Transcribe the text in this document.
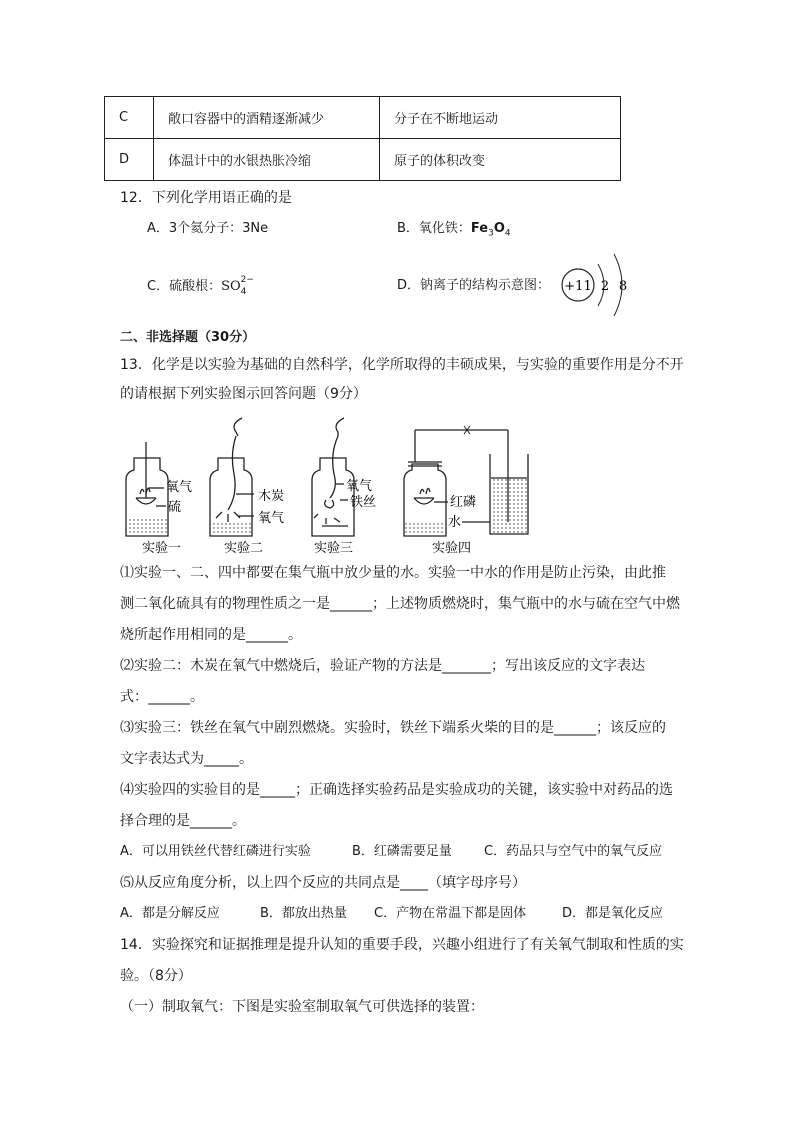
C	敞口容器中的酒精逐渐减少	分子在不断地运动
D	体温计中的水银热胀冷缩	原子的体积改变
12．下列化学用语正确的是
A．3个氦分子：3Ne	B．氧化铁：$Fe_3O_4$
C．硫酸根：SO 2−
4	D．钠离子的结构示意图： +11 2 8
二、非选择题（30分）
13．化学是以实验为基础的自然科学，化学所取得的丰硕成果，与实验的重要作用是分不开
的请根据下列实验图示回答问题（9分）
氧气
硫
木炭
氧气
氧气
铁丝	红磷
水
实验一	实验二	实验三	实验四
⑴实验一、二、四中都要在集气瓶中放少量的水。实验一中水的作用是防止污染，由此推
测二氧化硫具有的物理性质之一是______；上述物质燃烧时，集气瓶中的水与硫在空气中燃
烧所起作用相同的是______。
⑵实验二：木炭在氧气中燃烧后，验证产物的方法是_______；写出该反应的文字表达
式：______。
⑶实验三：铁丝在氧气中剧烈燃烧。实验时，铁丝下端系火柴的目的是______；该反应的
文字表达式为_____。
⑷实验四的实验目的是_____；正确选择实验药品是实验成功的关键，该实验中对药品的选
择合理的是______。
A．可以用铁丝代替红磷进行实验	B．红磷需要足量 C．药品只与空气中的氧气反应
⑸从反应角度分析，以上四个反应的共同点是____（填字母序号）
A．都是分解反应	B．都放出热量 C．产物在常温下都是固体	D．都是氧化反应
14．实验探究和证据推理是提升认知的重要手段，兴趣小组进行了有关氧气制取和性质的实
验。（8分）
（一）制取氧气：下图是实验室制取氧气可供选择的装置：
